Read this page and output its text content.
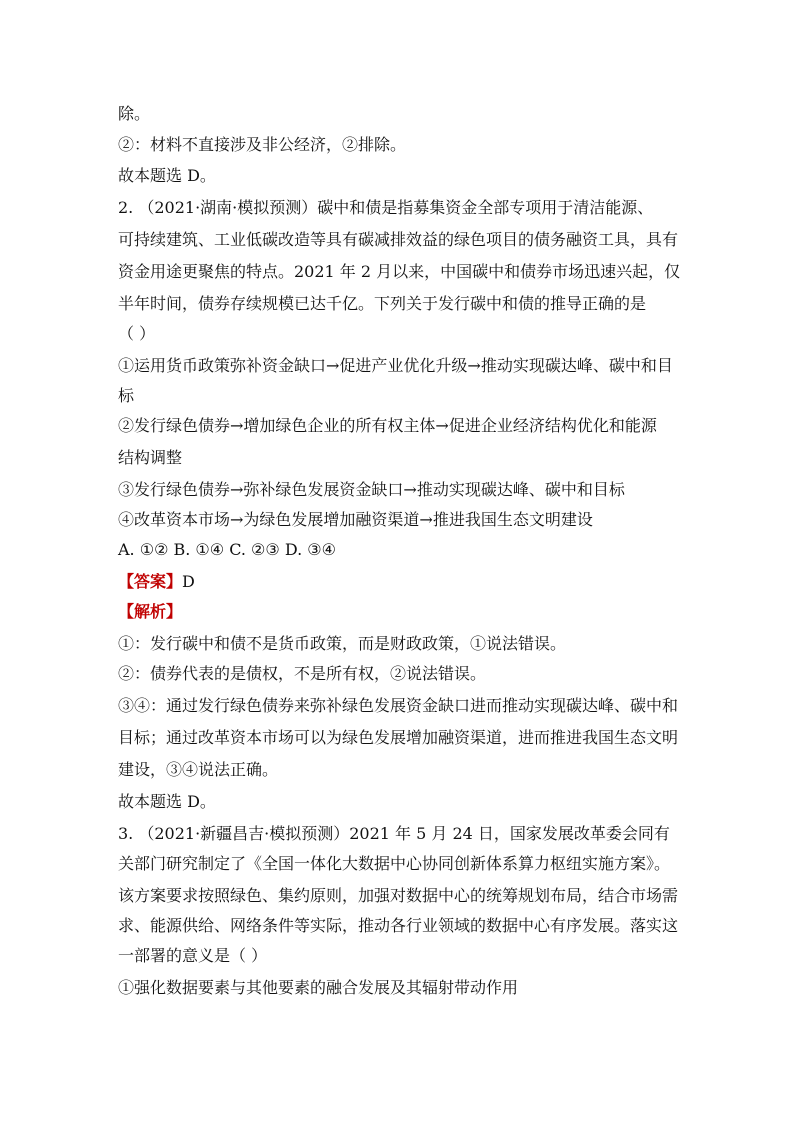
除。
②：材料不直接涉及非公经济，②排除。
故本题选 D。
2. （2021·湖南·模拟预测）碳中和债是指募集资金全部专项用于清洁能源、
可持续建筑、工业低碳改造等具有碳减排效益的绿色项目的债务融资工具，具有
资金用途更聚焦的特点。2021 年 2 月以来，中国碳中和债券市场迅速兴起，仅
半年时间，债券存续规模已达千亿。下列关于发行碳中和债的推导正确的是
（ ）
①运用货币政策弥补资金缺口→促进产业优化升级→推动实现碳达峰、碳中和目
标
②发行绿色债券→增加绿色企业的所有权主体→促进企业经济结构优化和能源
结构调整
③发行绿色债券→弥补绿色发展资金缺口→推动实现碳达峰、碳中和目标
④改革资本市场→为绿色发展增加融资渠道→推进我国生态文明建设
A. ①② B. ①④ C. ②③ D. ③④
【答案】D
【解析】
①：发行碳中和债不是货币政策，而是财政政策，①说法错误。
②：债券代表的是债权，不是所有权，②说法错误。
③④：通过发行绿色债券来弥补绿色发展资金缺口进而推动实现碳达峰、碳中和
目标；通过改革资本市场可以为绿色发展增加融资渠道，进而推进我国生态文明
建设，③④说法正确。
故本题选 D。
3. （2021·新疆昌吉·模拟预测）2021 年 5 月 24 日，国家发展改革委会同有
关部门研究制定了《全国一体化大数据中心协同创新体系算力枢纽实施方案》。
该方案要求按照绿色、集约原则，加强对数据中心的统筹规划布局，结合市场需
求、能源供给、网络条件等实际，推动各行业领域的数据中心有序发展。落实这
一部署的意义是（ ）
①强化数据要素与其他要素的融合发展及其辐射带动作用
